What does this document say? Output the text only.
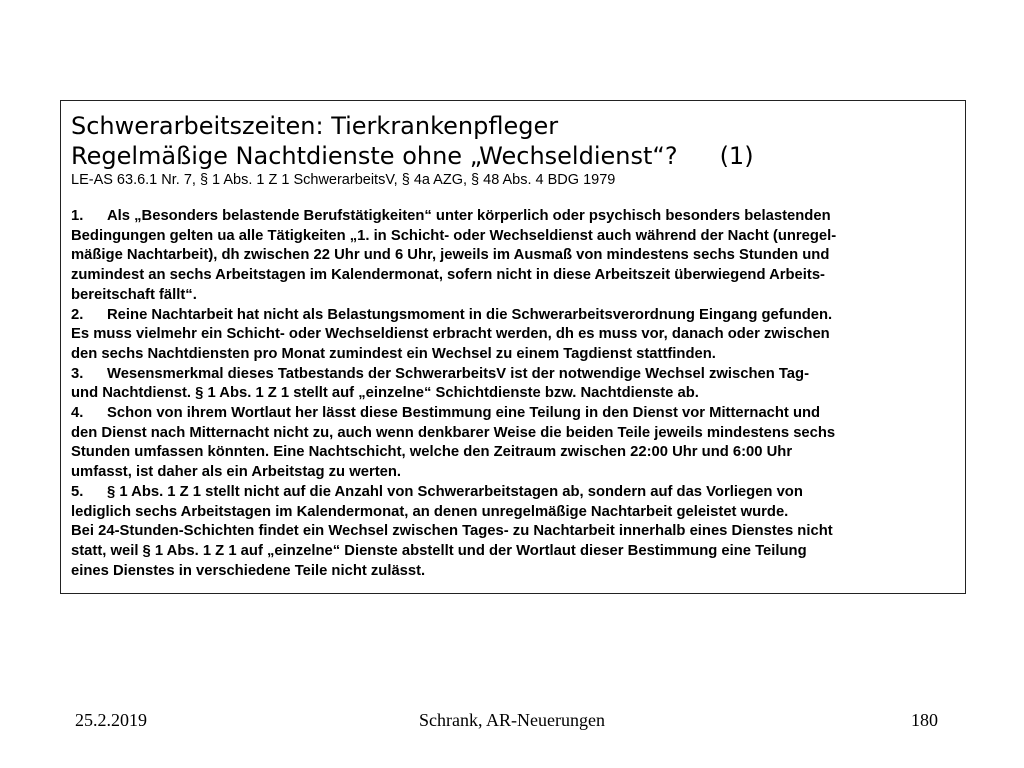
Schwerarbeitszeiten: Tierkrankenpfleger
Regelmäßige Nachtdienste ohne „Wechseldienst“? (1)
LE-AS 63.6.1 Nr. 7, § 1 Abs. 1 Z 1 SchwerarbeitsV, § 4a AZG, § 48 Abs. 4 BDG 1979
1. Als „Besonders belastende Berufstätigkeiten“ unter körperlich oder psychisch besonders belastenden
Bedingungen gelten ua alle Tätigkeiten „1. in Schicht- oder Wechseldienst auch während der Nacht (unregel-
mäßige Nachtarbeit), dh zwischen 22 Uhr und 6 Uhr, jeweils im Ausmaß von mindestens sechs Stunden und
zumindest an sechs Arbeitstagen im Kalendermonat, sofern nicht in diese Arbeitszeit überwiegend Arbeits-
bereitschaft fällt“.
2. Reine Nachtarbeit hat nicht als Belastungsmoment in die Schwerarbeitsverordnung Eingang gefunden.
Es muss vielmehr ein Schicht- oder Wechseldienst erbracht werden, dh es muss vor, danach oder zwischen
den sechs Nachtdiensten pro Monat zumindest ein Wechsel zu einem Tagdienst stattfinden.
3. Wesensmerkmal dieses Tatbestands der SchwerarbeitsV ist der notwendige Wechsel zwischen Tag-
und Nachtdienst. § 1 Abs. 1 Z 1 stellt auf „einzelne“ Schichtdienste bzw. Nachtdienste ab.
4. Schon von ihrem Wortlaut her lässt diese Bestimmung eine Teilung in den Dienst vor Mitternacht und
den Dienst nach Mitternacht nicht zu, auch wenn denkbarer Weise die beiden Teile jeweils mindestens sechs
Stunden umfassen könnten. Eine Nachtschicht, welche den Zeitraum zwischen 22:00 Uhr und 6:00 Uhr
umfasst, ist daher als ein Arbeitstag zu werten.
5. § 1 Abs. 1 Z 1 stellt nicht auf die Anzahl von Schwerarbeitstagen ab, sondern auf das Vorliegen von
lediglich sechs Arbeitstagen im Kalendermonat, an denen unregelmäßige Nachtarbeit geleistet wurde.
Bei 24-Stunden-Schichten findet ein Wechsel zwischen Tages- zu Nachtarbeit innerhalb eines Dienstes nicht
statt, weil § 1 Abs. 1 Z 1 auf „einzelne“ Dienste abstellt und der Wortlaut dieser Bestimmung eine Teilung
eines Dienstes in verschiedene Teile nicht zulässt.
25.2.2019	Schrank, AR-Neuerungen	180
